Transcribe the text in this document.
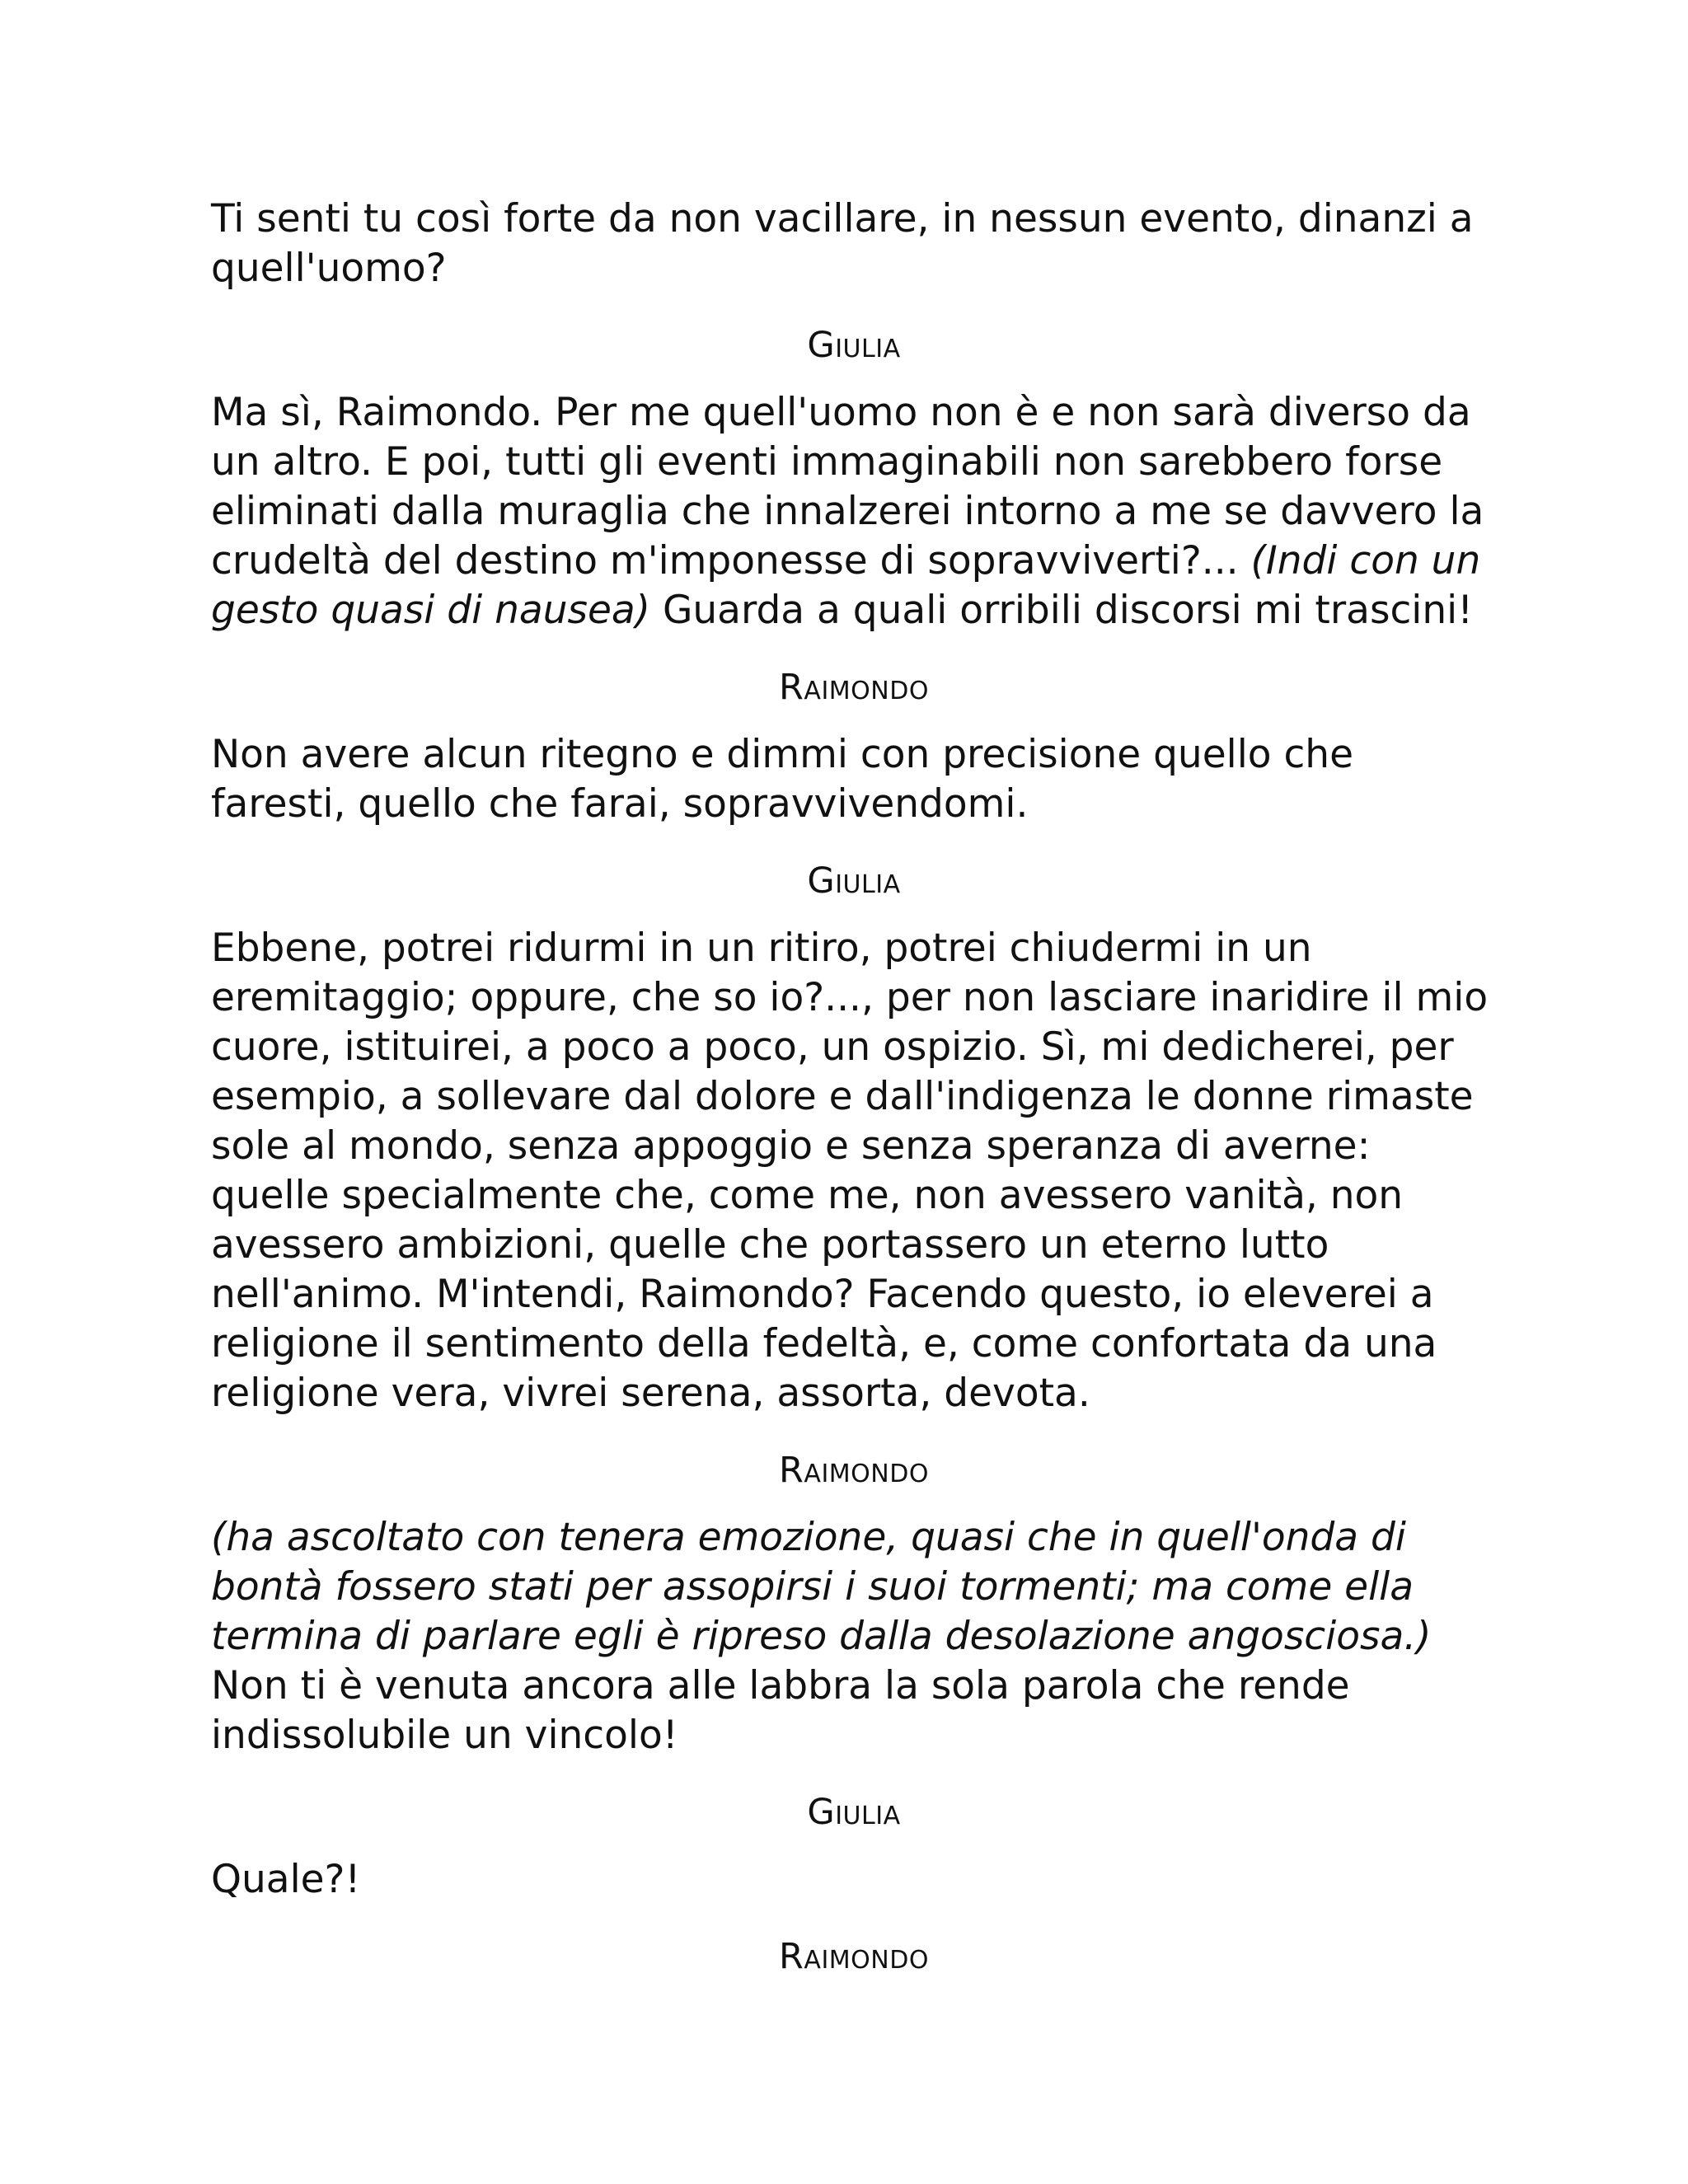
Ti senti tu così forte da non vacillare, in nessun evento, dinanzi a quell'uomo?

Giulia

Ma sì, Raimondo. Per me quell'uomo non è e non sarà diverso da un altro. E poi, tutti gli eventi immaginabili non sarebbero forse eliminati dalla muraglia che innalzerei intorno a me se davvero la crudeltà del destino m'imponesse di sopravviverti?... (Indi con un gesto quasi di nausea) Guarda a quali orribili discorsi mi trascini!

Raimondo

Non avere alcun ritegno e dimmi con precisione quello che faresti, quello che farai, sopravvivendomi.

Giulia

Ebbene, potrei ridurmi in un ritiro, potrei chiudermi in un eremitaggio; oppure, che so io?..., per non lasciare inaridire il mio cuore, istituirei, a poco a poco, un ospizio. Sì, mi dedicherei, per esempio, a sollevare dal dolore e dall'indigenza le donne rimaste sole al mondo, senza appoggio e senza speranza di averne: quelle specialmente che, come me, non avessero vanità, non avessero ambizioni, quelle che portassero un eterno lutto nell'animo. M'intendi, Raimondo? Facendo questo, io eleverei a religione il sentimento della fedeltà, e, come confortata da una religione vera, vivrei serena, assorta, devota.

Raimondo

(ha ascoltato con tenera emozione, quasi che in quell'onda di bontà fossero stati per assopirsi i suoi tormenti; ma come ella termina di parlare egli è ripreso dalla desolazione angosciosa.) Non ti è venuta ancora alle labbra la sola parola che rende indissolubile un vincolo!

Giulia

Quale?!

Raimondo
